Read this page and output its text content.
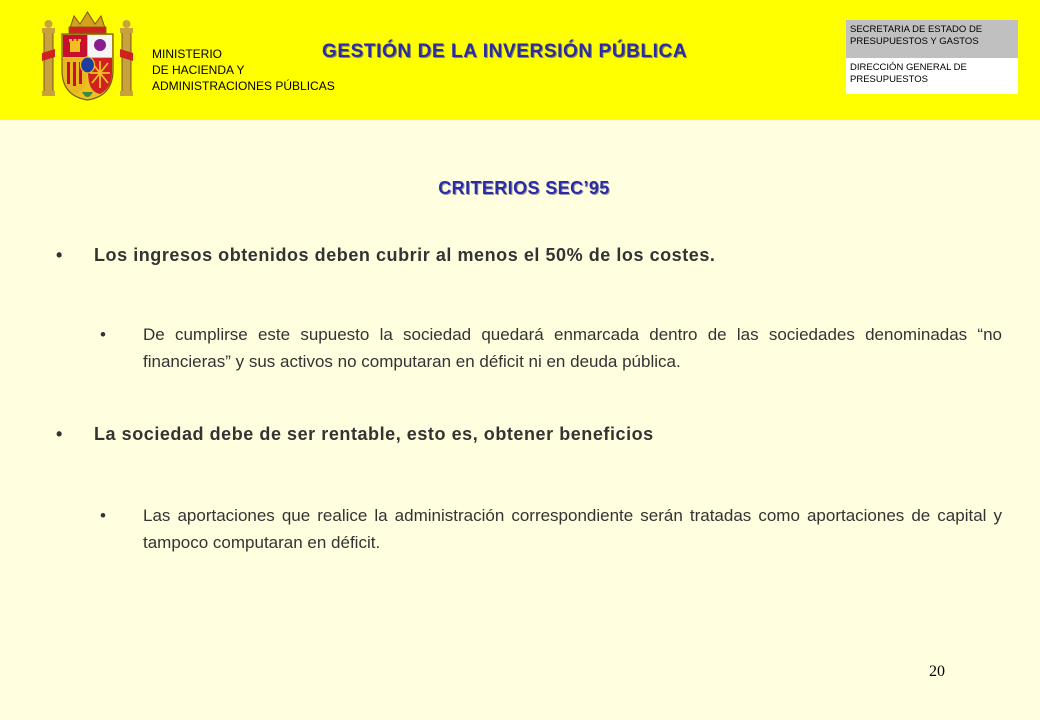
MINISTERIO
DE HACIENDA Y
ADMINISTRACIONES PÚBLICAS
GESTIÓN DE LA INVERSIÓN PÚBLICA
SECRETARIA DE ESTADO DE PRESUPUESTOS Y GASTOS
DIRECCIÓN GENERAL DE PRESUPUESTOS
CRITERIOS SEC’95
•	Los ingresos obtenidos deben cubrir al menos el 50% de los costes.
•	De cumplirse este supuesto la sociedad quedará enmarcada dentro de las sociedades denominadas “no financieras” y sus activos no computaran en déficit ni en deuda pública.
•	La sociedad debe de ser rentable, esto es, obtener beneficios
•	Las aportaciones que realice la administración correspondiente serán tratadas como aportaciones de capital y tampoco computaran en déficit.
20
